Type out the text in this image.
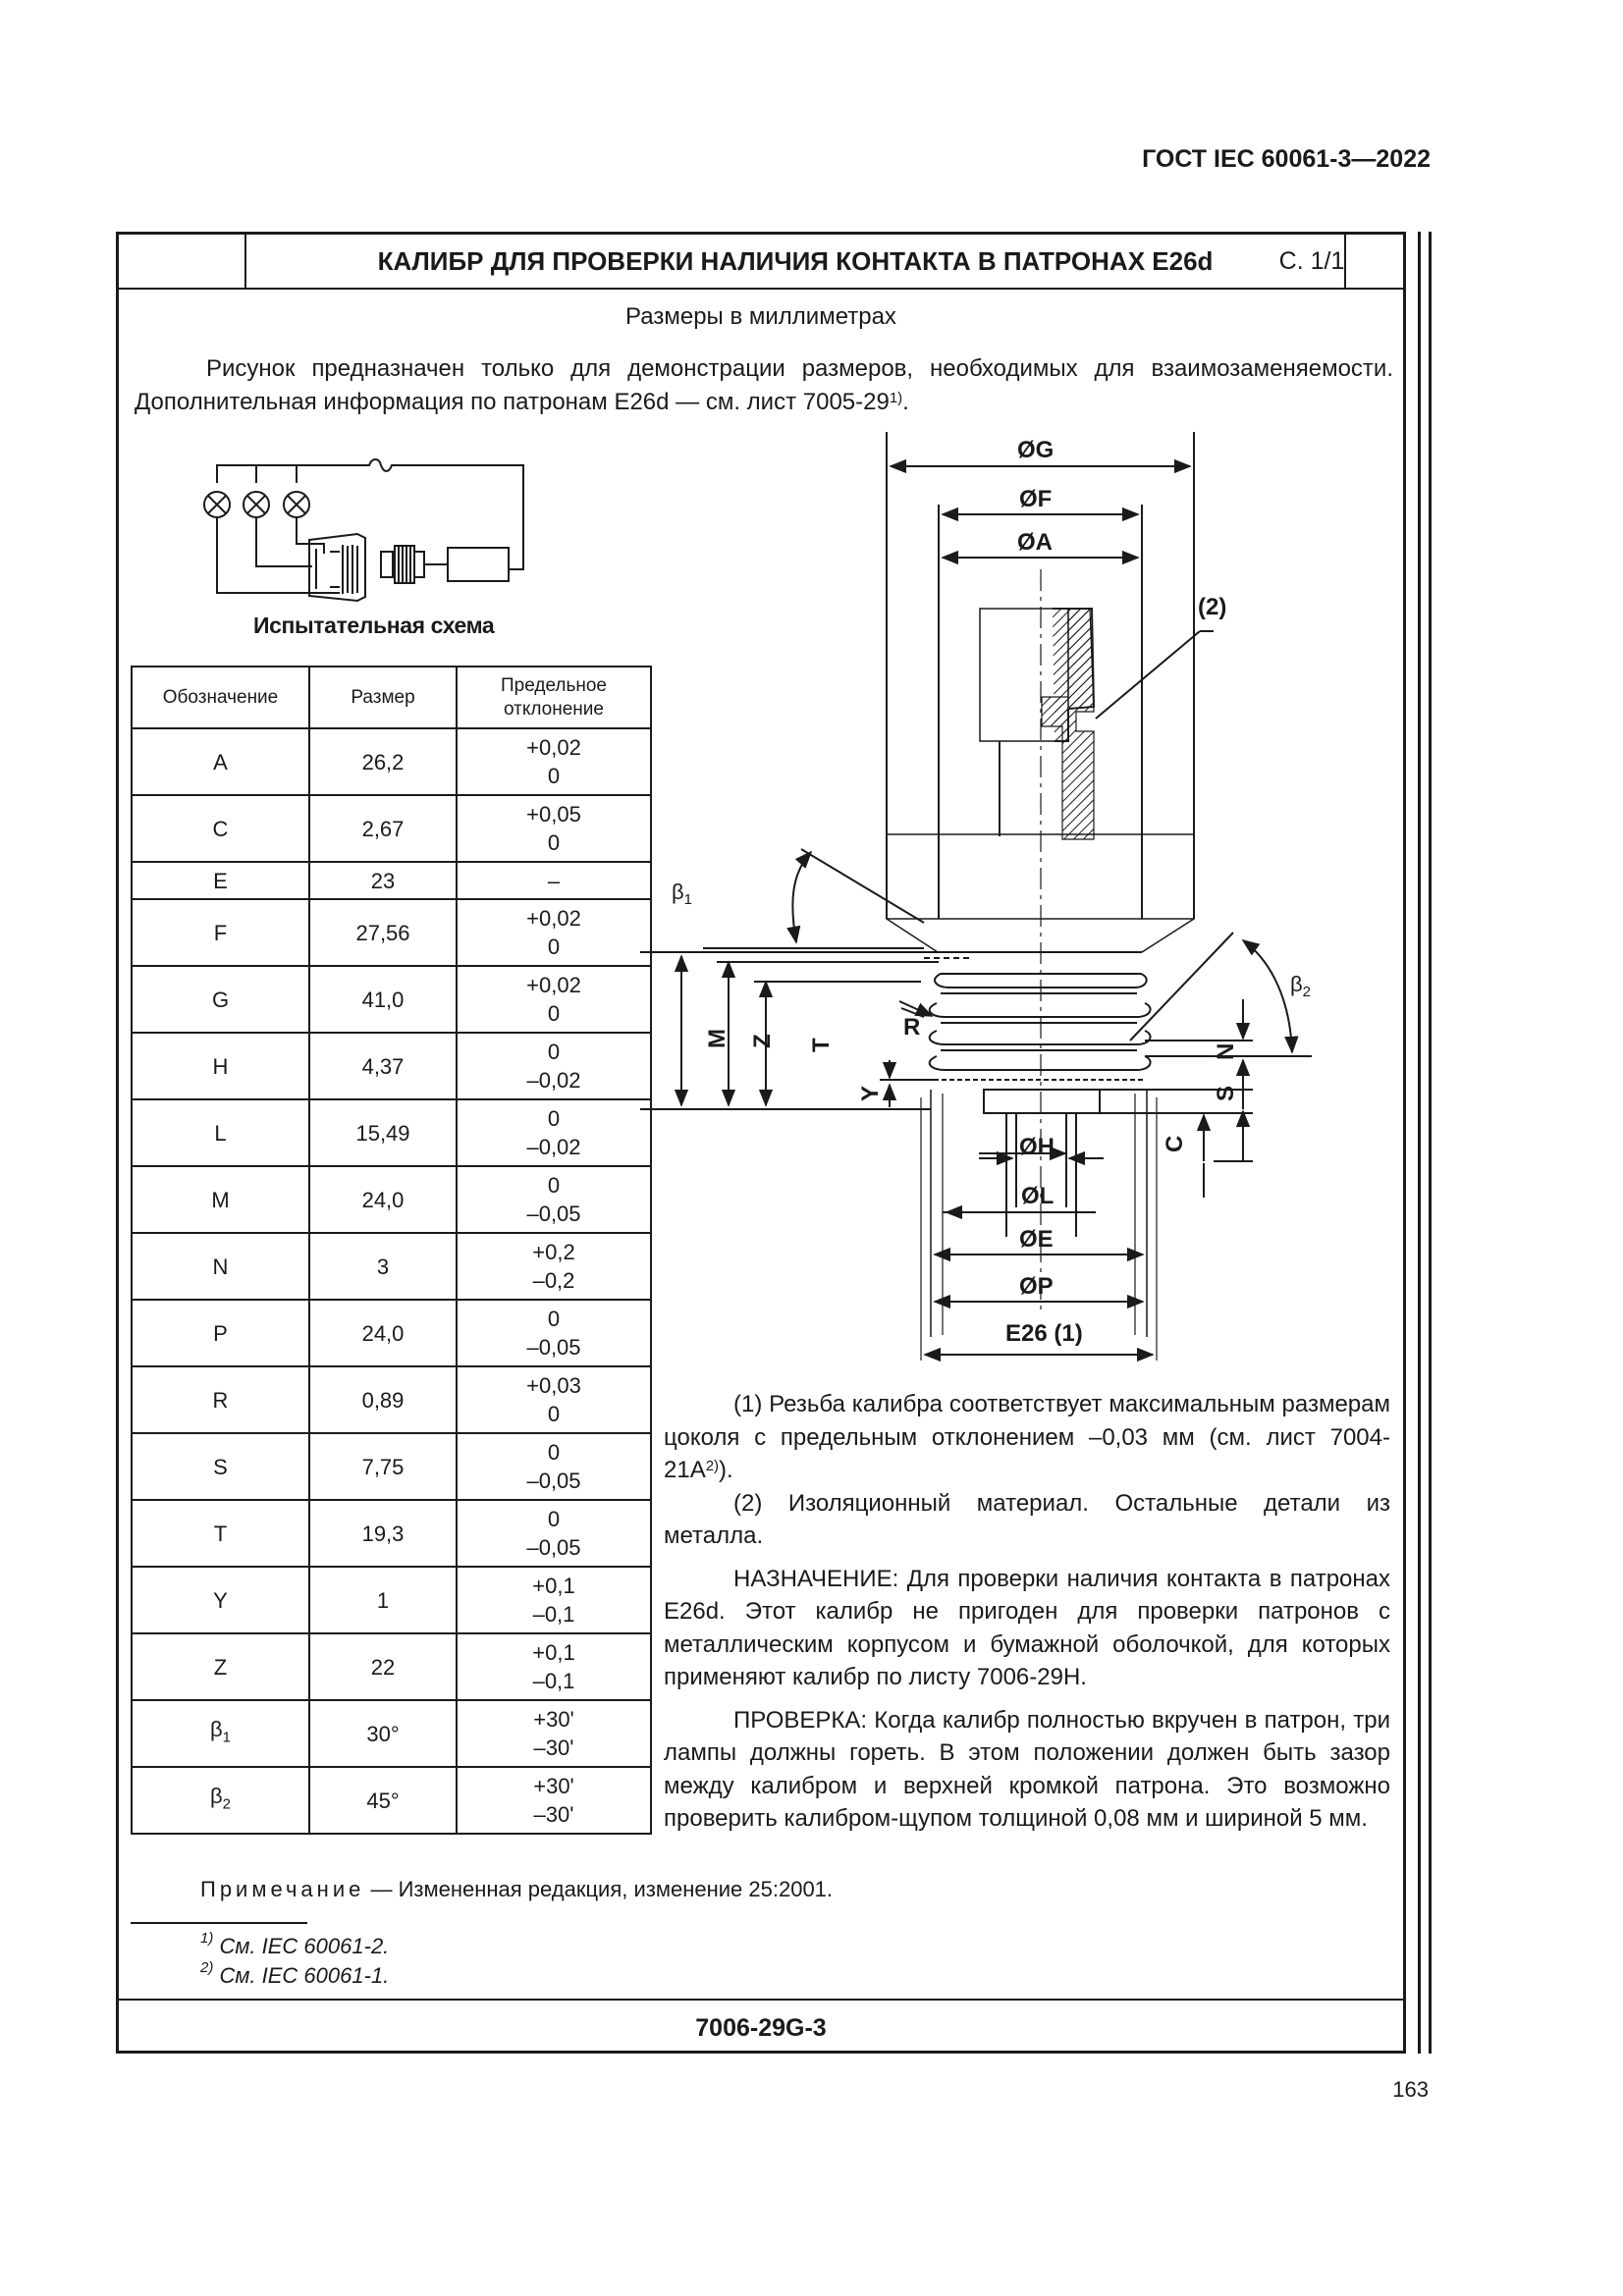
ГОСТ IEC 60061-3—2022
КАЛИБР ДЛЯ ПРОВЕРКИ НАЛИЧИЯ КОНТАКТА В ПАТРОНАХ E26d	С. 1/1
Размеры в миллиметрах
Рисунок предназначен только для демонстрации размеров, необходимых для взаимозаменяемости. Дополнительная информация по патронам E26d — см. лист 7005-29$^{1)}$.
Испытательная схема
Обозначение	Размер	Предельное отклонение
A	26,2	+0,02
0

C	2,67	+0,05
0

E	23	–
F	27,56	+0,02
0

G	41,0	+0,02
0

H	4,37	0
–0,02

L	15,49	0
–0,02

M	24,0	0
–0,05

N	3	+0,2
–0,2

P	24,0	0
–0,05

R	0,89	+0,03
0

S	7,75	0
–0,05

T	19,3	0
–0,05

Y	1	+0,1
–0,1

Z	22	+0,1
–0,1

$\beta_1$	30°	+30'
–30'

$\beta_2$	45°	+30'
–30'
ØG
ØF
ØA
(2)
$\beta_1$
$\beta_2$
M Z T
Y
R
N
S
C
ØH
ØL
ØE
ØP
E26 (1)

(1) Резьба калибра соответствует максимальным размерам цоколя с предельным отклонением –0,03 мм (см. лист $7004-21A^{2)}$).

(2) Изоляционный материал. Остальные детали из металла.

НАЗНАЧЕНИЕ: Для проверки наличия контакта в патронах E26d. Этот калибр не пригоден для проверки патронов с металлическим корпусом и бумажной оболочкой, для которых применяют калибр по листу 7006-29H.

ПРОВЕРКА: Когда калибр полностью вкручен в патрон, три лампы должны гореть. В этом положении должен быть зазор между калибром и верхней кромкой патрона. Это возможно проверить калибром-щупом толщиной 0,08 мм и шириной 5 мм.

Примечание — Измененная редакция, изменение 25:2001.
$^{1)}$ См. IEC 60061-2.
$^{2)}$ См. IEC 60061-1.
7006-29G-3
163
